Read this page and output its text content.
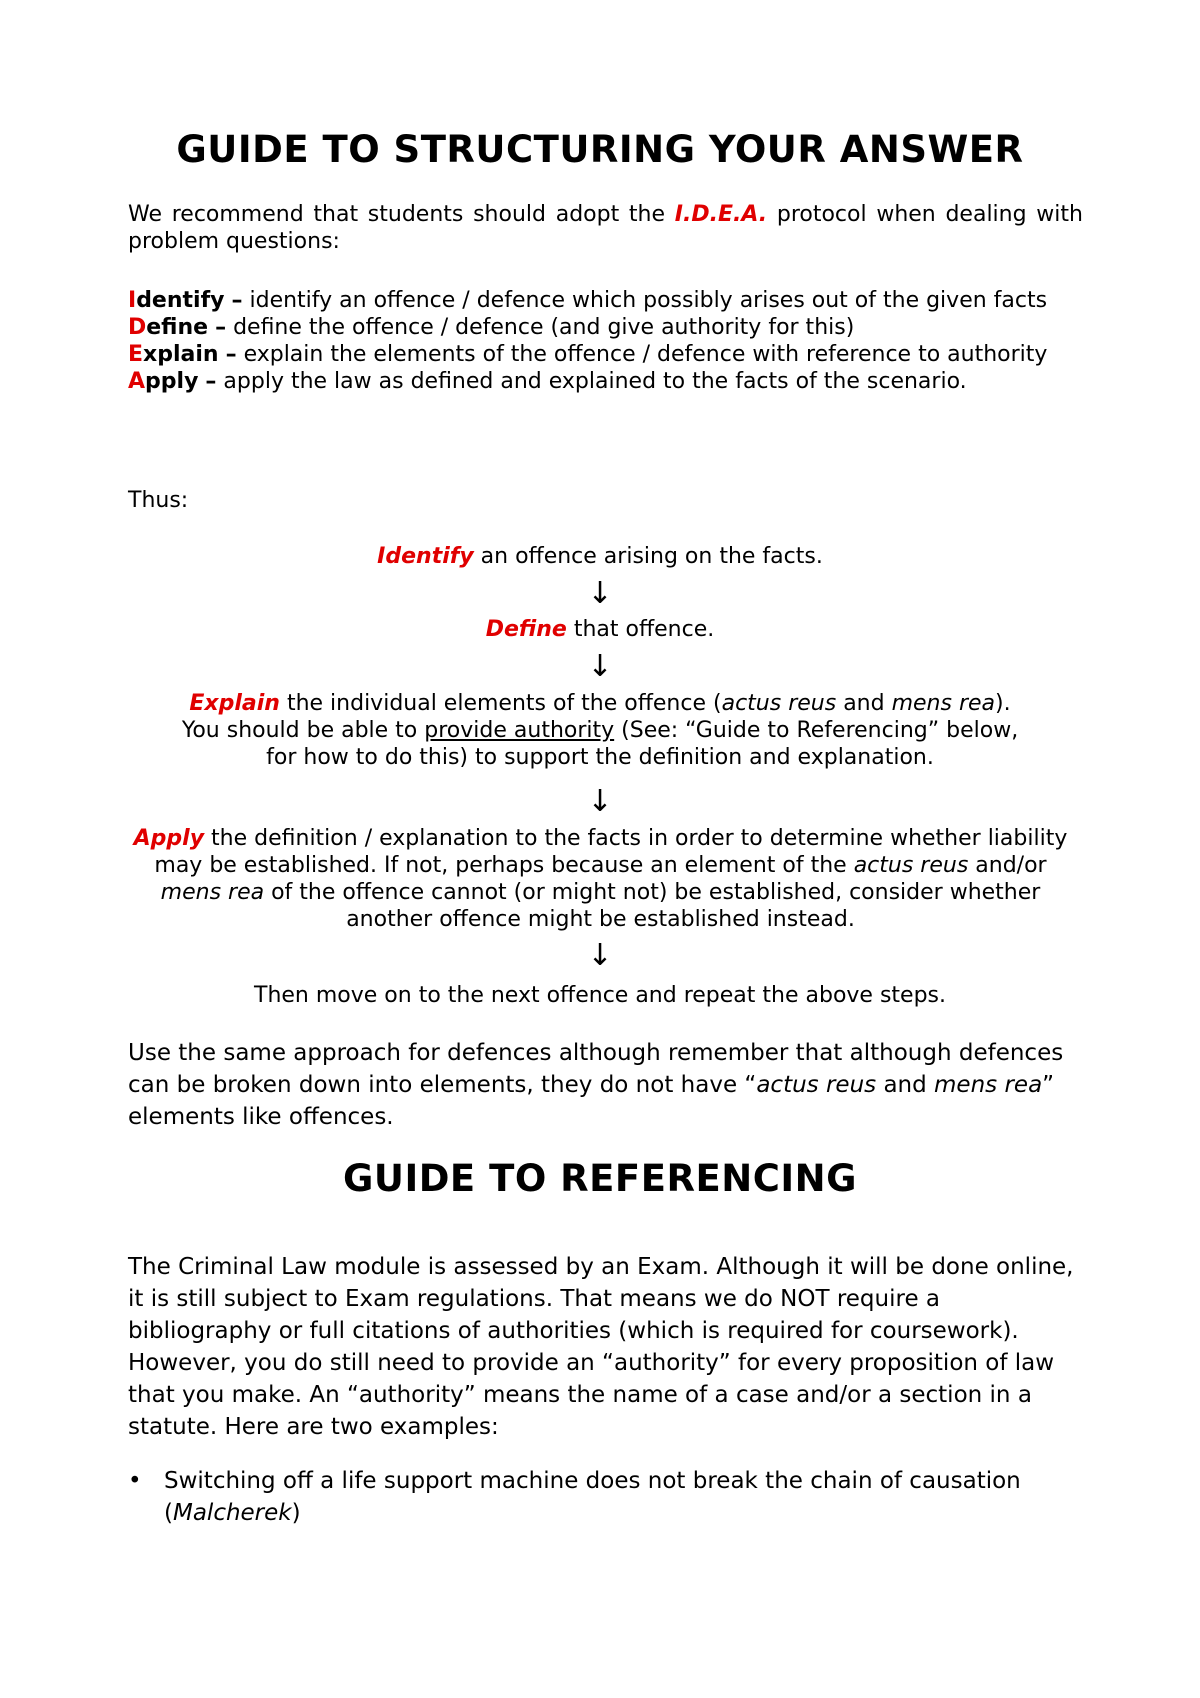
GUIDE TO STRUCTURING YOUR ANSWER
We recommend that students should adopt the I.D.E.A. protocol when dealing with problem questions:
Identify – identify an offence / defence which possibly arises out of the given facts
Define – define the offence / defence (and give authority for this)
Explain – explain the elements of the offence / defence with reference to authority
Apply – apply the law as defined and explained to the facts of the scenario.
Thus:
Identify an offence arising on the facts.
↓
Define that offence.
↓
Explain the individual elements of the offence (actus reus and mens rea).
You should be able to provide authority (See: “Guide to Referencing” below,
for how to do this) to support the definition and explanation.
↓
Apply the definition / explanation to the facts in order to determine whether liability may be established. If not, perhaps because an element of the actus reus and/or mens rea of the offence cannot (or might not) be established, consider whether another offence might be established instead.
↓
Then move on to the next offence and repeat the above steps.
Use the same approach for defences although remember that although defences can be broken down into elements, they do not have “actus reus and mens rea” elements like offences.
GUIDE TO REFERENCING
The Criminal Law module is assessed by an Exam. Although it will be done online, it is still subject to Exam regulations. That means we do NOT require a bibliography or full citations of authorities (which is required for coursework). However, you do still need to provide an “authority” for every proposition of law that you make. An “authority” means the name of a case and/or a section in a statute. Here are two examples:
• Switching off a life support machine does not break the chain of causation (Malcherek)
